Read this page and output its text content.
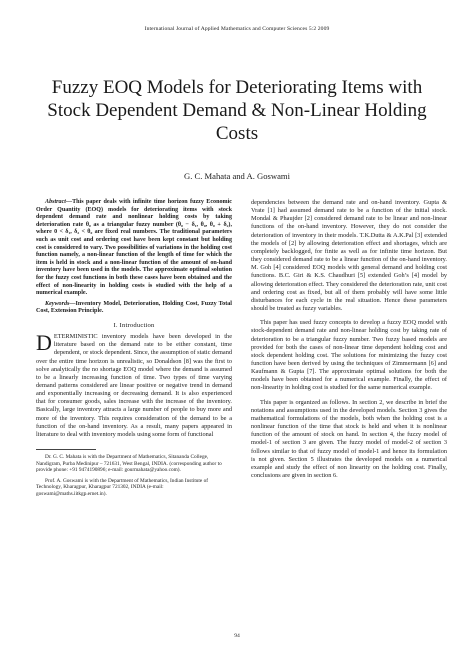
International Journal of Applied Mathematics and Computer Sciences 5:2 2009
Fuzzy EOQ Models for Deteriorating Items with Stock Dependent Demand & Non-Linear Holding Costs
G. C. Mahata and A. Goswami

Abstract—This paper deals with infinite time horizon fuzzy Economic Order Quantity (EOQ) models for deteriorating items with stock dependent demand rate and nonlinear holding costs by taking deterioration rate θ₀ as a triangular fuzzy number (θ₀ − δ₁, θ₀, θ₀ + δ₂), where 0 < δ₁, δ₂ < θ₀ are fixed real numbers. The traditional parameters such as unit cost and ordering cost have been kept constant but holding cost is considered to vary. Two possibilities of variations in the holding cost function namely, a non-linear function of the length of time for which the item is held in stock and a non-linear function of the amount of on-hand inventory have been used in the models. The approximate optimal solution for the fuzzy cost functions in both these cases have been obtained and the effect of non-linearity in holding costs is studied with the help of a numerical example.

Keywords—Inventory Model, Deterioration, Holding Cost, Fuzzy Total Cost, Extension Principle.

I. Introduction

DETERMINISTIC inventory models have been developed in the literature based on the demand rate to be either constant, time dependent, or stock dependent. Since, the assumption of static demand over the entire time horizon is unrealistic, so Donaldson [8] was the first to solve analytically the no shortage EOQ model where the demand is assumed to be a linearly increasing function of time. Two types of time varying demand patterns considered are linear positive or negative trend in demand and exponentially increasing or decreasing demand. It is also experienced that for consumer goods, sales increase with the increase of the inventory. Basically, large inventory attracts a large number of people to buy more and more of the inventory. This requires consideration of the demand to be a function of the on-hand inventory. As a result, many papers appeared in literature to deal with inventory models using some form of functional

Dr. G. C. Mahata is with the Department of Mathematics, Sitananda College, Nandigram, Purba Medinipur – 721631, West Bengal, INDIA. (corresponding author to provide phone: +91 9474190896; e-mail: gourmahata@yahoo.com).

Prof. A. Goswami is with the Department of Mathematics, Indian Institute of Technology, Kharagpur, Kharagpur 721302, INDIA (e-mail: goswami@maths.iitkgp.ernet.in).

dependencies between the demand rate and on-hand inventory. Gupta & Vrate [1] had assumed demand rate to be a function of the initial stock. Mondal & Phaujder [2] considered demand rate to be linear and non-linear functions of the on-hand inventory. However, they do not consider the deterioration of inventory in their models. T.K.Dutta & A.K.Pal [3] extended the models of [2] by allowing deterioration effect and shortages, which are completely backlogged, for finite as well as for infinite time horizon. But they considered demand rate to be a linear function of the on-hand inventory. M. Goh [4] considered EOQ models with general demand and holding cost functions. B.C. Giri & K.S. Chaudhuri [5] extended Goh’s [4] model by allowing deterioration effect. They considered the deterioration rate, unit cost and ordering cost as fixed, but all of them probably will have some little disturbances for each cycle in the real situation. Hence these parameters should be treated as fuzzy variables.

This paper has used fuzzy concepts to develop a fuzzy EOQ model with stock-dependent demand rate and non-linear holding cost by taking rate of deterioration to be a triangular fuzzy number. Two fuzzy based models are provided for both the cases of non-linear time dependent holding cost and stock dependent holding cost. The solutions for minimizing the fuzzy cost function have been derived by using the techniques of Zimmermann [6] and Kaufmann & Gupta [7]. The approximate optimal solutions for both the models have been obtained for a numerical example. Finally, the effect of non-linearity in holding cost is studied for the same numerical example.

This paper is organized as follows. In section 2, we describe in brief the notations and assumptions used in the developed models. Section 3 gives the mathematical formulations of the models, both when the holding cost is a nonlinear function of the time that stock is held and when it is nonlinear function of the amount of stock on hand. In section 4, the fuzzy model of model-1 of section 3 are given. The fuzzy model of model-2 of section 3 follows similar to that of fuzzy model of model-1 and hence its formulation is not given. Section 5 illustrates the developed models on a numerical example and study the effect of non linearity on the holding cost. Finally, conclusions are given in section 6.

94
